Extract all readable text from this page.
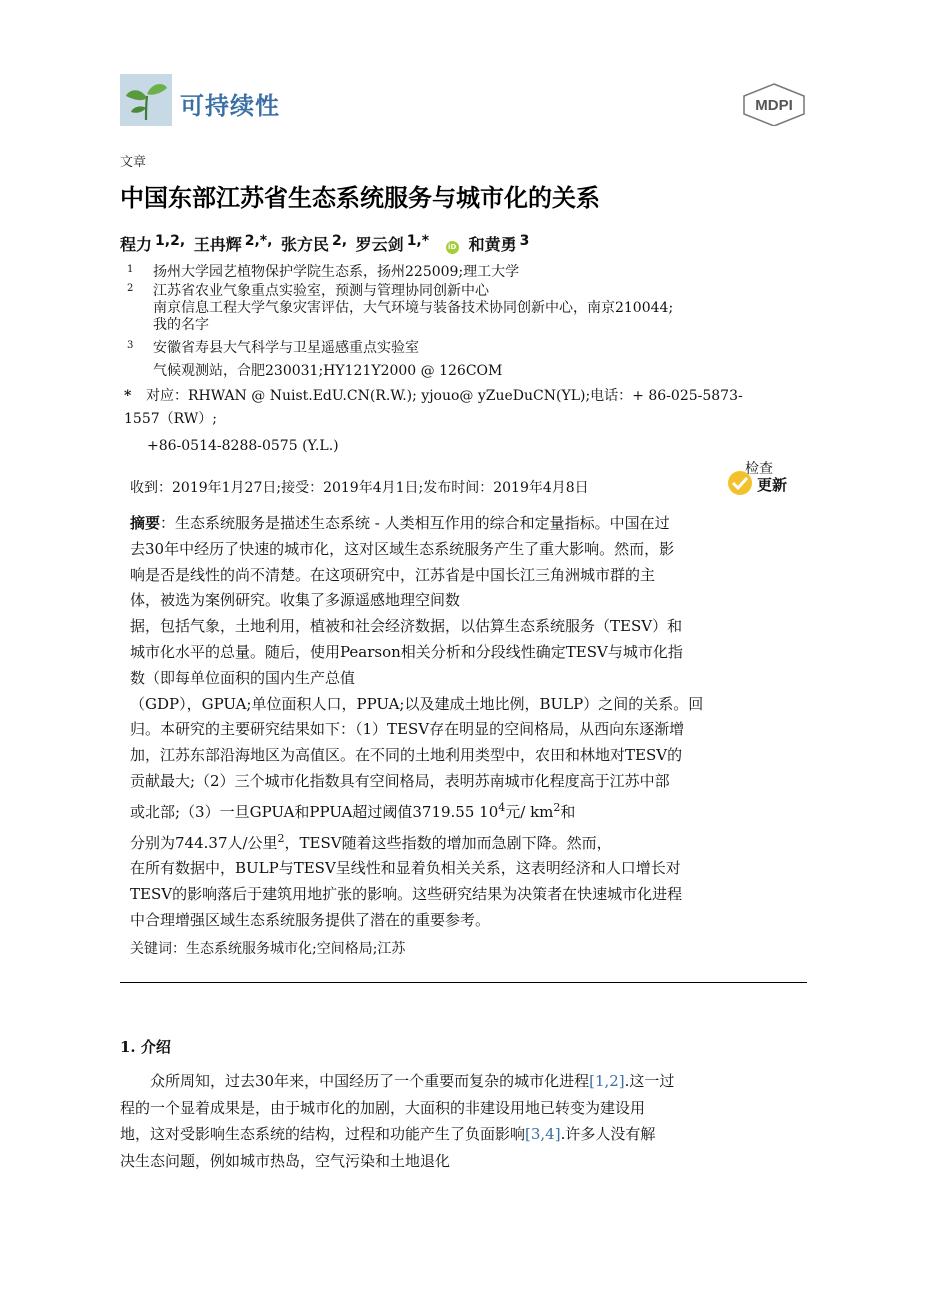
可持续性	MDPI
文章
中国东部江苏省生态系统服务与城市化的关系
程力 $^{1,2,}$ 王冉辉 $^{2,*,}$ 张方民 $^{2,}$ 罗云剑 $^{1,*}$	iD 和黄勇 $^3$
1 扬州大学园艺植物保护学院生态系，扬州225009;理工大学
2 江苏省农业气象重点实验室，预测与管理协同创新中心
南京信息工程大学气象灾害评估，大气环境与装备技术协同创新中心，南京210044;
我的名字
3 安徽省寿县大气科学与卫星遥感重点实验室
气候观测站，合肥230031;HY121Y2000 @ 126COM
* 对应：RHWAN @ Nuist.EdU.CN(R.W.); yjouo@ yZueDuCN(YL);电话：+ 86-025-5873-
1557（RW）;
+86-0514-8288-0575 (Y.L.)
收到：2019年1月27日;接受：2019年4月1日;发布时间：2019年4月8日
检查
更新
摘要：生态系统服务是描述生态系统 - 人类相互作用的综合和定量指标。中国在过
去30年中经历了快速的城市化，这对区域生态系统服务产生了重大影响。然而，影
响是否是线性的尚不清楚。在这项研究中，江苏省是中国长江三角洲城市群的主
体，被选为案例研究。收集了多源遥感地理空间数
据，包括气象，土地利用，植被和社会经济数据，以估算生态系统服务（TESV）和
城市化水平的总量。随后，使用Pearson相关分析和分段线性确定TESV与城市化指
数（即每单位面积的国内生产总值
（GDP），GPUA;单位面积人口，PPUA;以及建成土地比例，BULP）之间的关系。回
归。本研究的主要研究结果如下：（1）TESV存在明显的空间格局，从西向东逐渐增
加，江苏东部沿海地区为高值区。在不同的土地利用类型中，农田和林地对TESV的
贡献最大;（2）三个城市化指数具有空间格局，表明苏南城市化程度高于江苏中部
或北部;（3）一旦GPUA和PPUA超过阈值3719.55 $10^4$元/ $km^2$和
分别为744.37人/公里$^2$，TESV随着这些指数的增加而急剧下降。然而，
在所有数据中，BULP与TESV呈线性和显着负相关关系，这表明经济和人口增长对
TESV的影响落后于建筑用地扩张的影响。这些研究结果为决策者在快速城市化进程
中合理增强区域生态系统服务提供了潜在的重要参考。
关键词：生态系统服务城市化;空间格局;江苏
1. 介绍
众所周知，过去30年来，中国经历了一个重要而复杂的城市化进程[1,2].这一过
程的一个显着成果是，由于城市化的加剧，大面积的非建设用地已转变为建设用
地，这对受影响生态系统的结构，过程和功能产生了负面影响[3,4].许多人没有解
决生态问题，例如城市热岛，空气污染和土地退化
